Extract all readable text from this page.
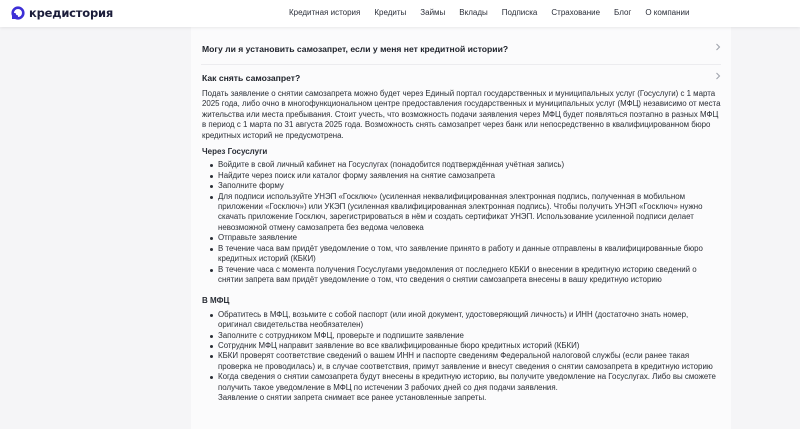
кредистория	Кредитная история Кредиты Займы Вклады Подписка Страхование Блог О компании
Могу ли я установить самозапрет, если у меня нет кредитной истории?
Как снять самозапрет?

Подать заявление о снятии самозапрета можно будет через Единый портал государственных и муниципальных услуг (Госуслуги) с 1 марта 2025 года, либо очно в многофункциональном центре предоставления государственных и муниципальных услуг (МФЦ) независимо от места жительства или места пребывания. Стоит учесть, что возможность подачи заявления через МФЦ будет появляться поэтапно в разных МФЦ в период с 1 марта по 31 августа 2025 года. Возможность снять самозапрет через банк или непосредственно в квалифицированном бюро кредитных историй не предусмотрена.

Через Госуслуги
Войдите в свой личный кабинет на Госуслугах (понадобится подтверждённая учётная запись)
Найдите через поиск или каталог форму заявления на снятие самозапрета
Заполните форму
Для подписи используйте УНЭП «Госключ» (усиленная неквалифицированная электронная подпись, полученная в мобильном приложении «Госключ») или УКЭП (усиленная квалифицированная электронная подпись). Чтобы получить УНЭП «Госключ» нужно скачать приложение Госключ, зарегистрироваться в нём и создать сертификат УНЭП. Использование усиленной подписи делает невозможной отмену самозапрета без ведома человека
Отправьте заявление
В течение часа вам придёт уведомление о том, что заявление принято в работу и данные отправлены в квалифицированные бюро кредитных историй (КБКИ)
В течение часа с момента получения Госуслугами уведомления от последнего КБКИ о внесении в кредитную историю сведений о снятии запрета вам придёт уведомление о том, что сведения о снятии самозапрета внесены в вашу кредитную историю
В МФЦ
Обратитесь в МФЦ, возьмите с собой паспорт (или иной документ, удостоверяющий личность) и ИНН (достаточно знать номер, оригинал свидетельства необязателен)
Заполните с сотрудником МФЦ, проверьте и подпишите заявление
Сотрудник МФЦ направит заявление во все квалифицированные бюро кредитных историй (КБКИ)
КБКИ проверят соответствие сведений о вашем ИНН и паспорте сведениям Федеральной налоговой службы (если ранее такая проверка не проводилась) и, в случае соответствия, примут заявление и внесут сведения о снятии самозапрета в кредитную историю
Когда сведения о снятии самозапрета будут внесены в кредитную историю, вы получите уведомление на Госуслугах. Либо вы сможете получить такое уведомление в МФЦ по истечении 3 рабочих дней со дня подачи заявления.
Заявление о снятии запрета снимает все ранее установленные запреты.
